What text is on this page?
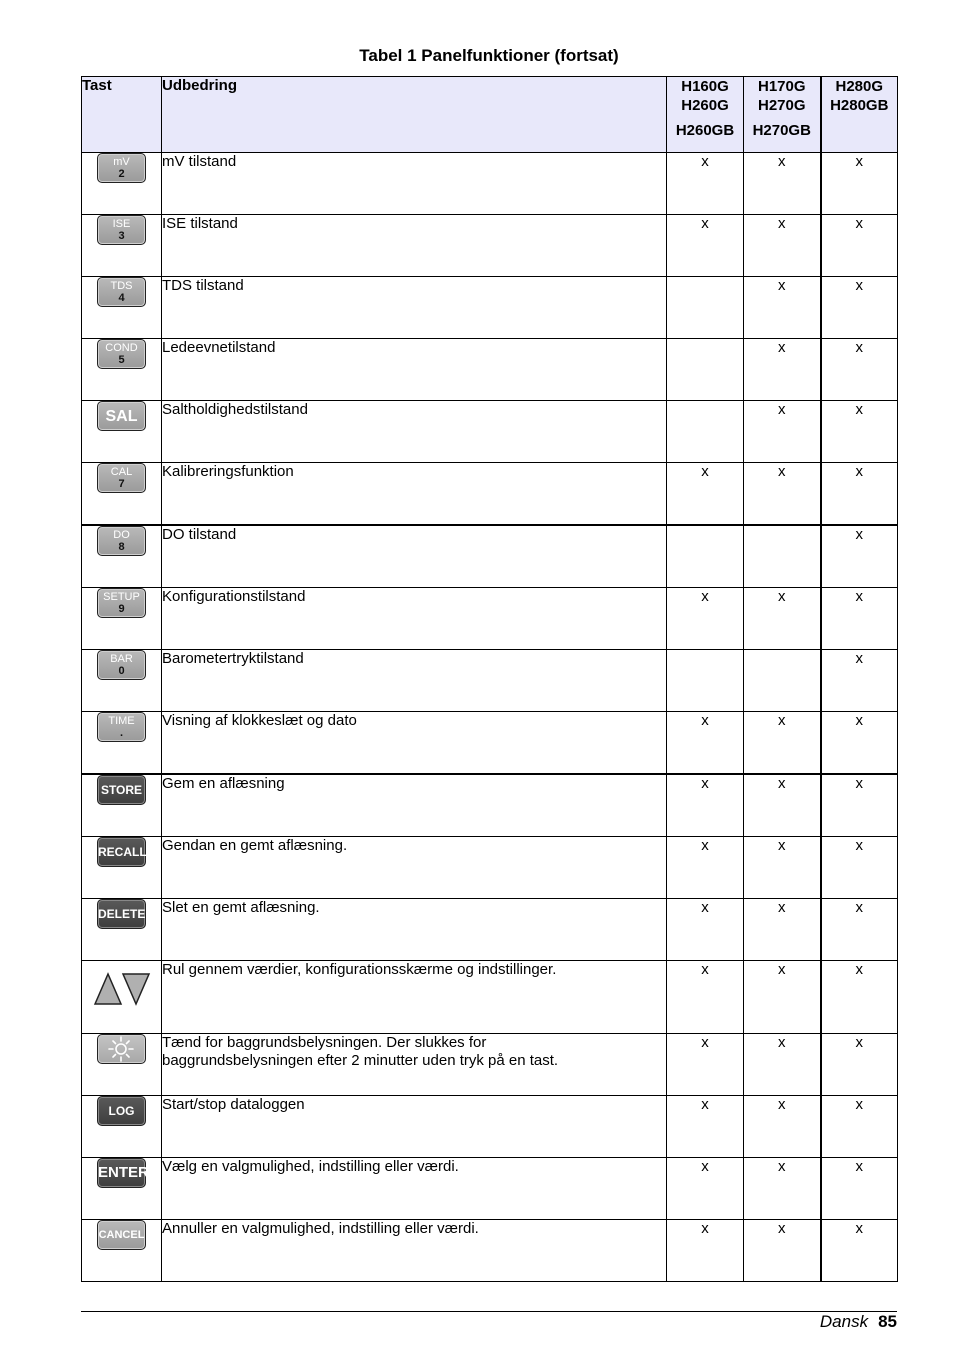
Tabel 1 Panelfunktioner (fortsat)
Tast	Udbedring	H160G
H260G
H260GB	H170G
H270G
H270GB	H280G
H280GB

mV
2	mV tilstand	x	x	x

ISE
3	ISE tilstand	x	x	x

TDS
4	TDS tilstand		x	x

COND
5	Ledeevnetilstand		x	x

SAL	Saltholdighedstilstand		x	x

CAL
7	Kalibreringsfunktion	x	x	x

DO
8	DO tilstand			x

SETUP
9	Konfigurationstilstand	x	x	x

BAR
0	Barometertryktilstand			x

TIME
.	Visning af klokkeslæt og dato	x	x	x

STORE	Gem en aflæsning	x	x	x

RECALL	Gendan en gemt aflæsning.	x	x	x

DELETE	Slet en gemt aflæsning.	x	x	x
	Rul gennem værdier, konfigurationsskærme og indstillinger.	x	x	x

	Tænd for baggrundsbelysningen. Der slukkes for
baggrundsbelysningen efter 2 minutter uden tryk på en tast.	x	x	x

LOG	Start/stop dataloggen	x	x	x

ENTER	Vælg en valgmulighed, indstilling eller værdi.	x	x	x

CANCEL	Annuller en valgmulighed, indstilling eller værdi.	x	x	x
Dansk 85
